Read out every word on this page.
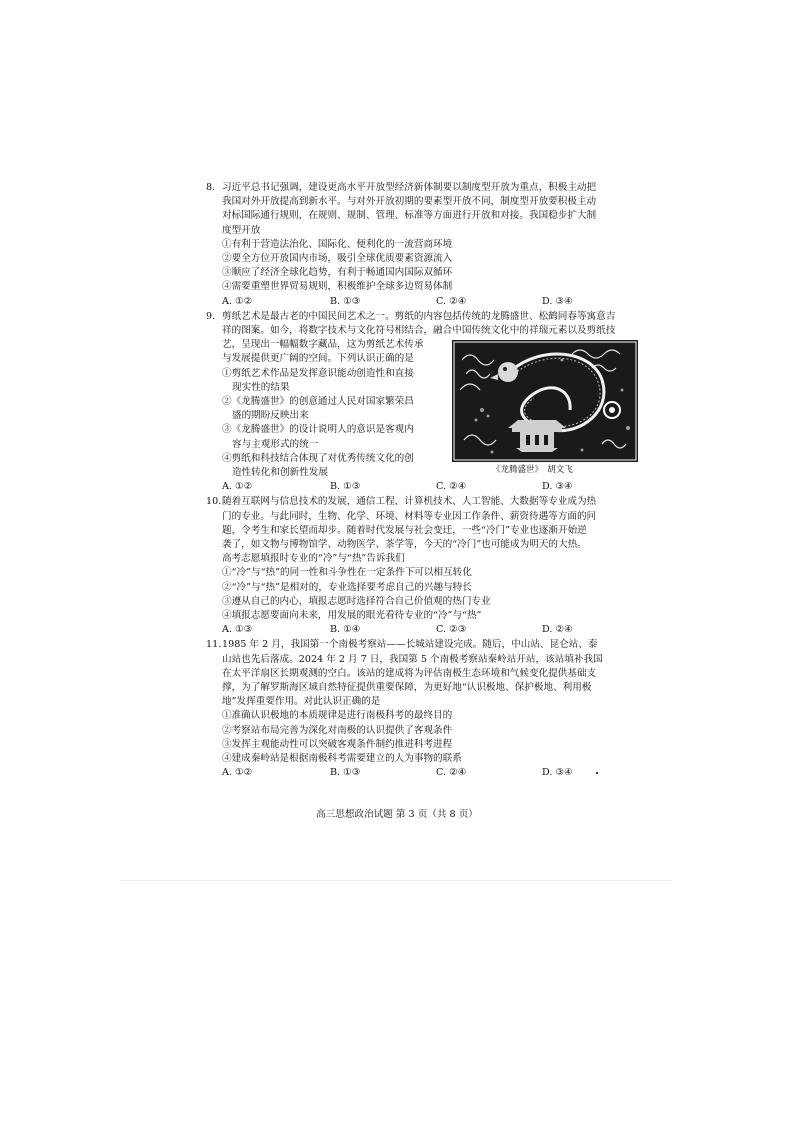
8. 习近平总书记强调，建设更高水平开放型经济新体制要以制度型开放为重点，积极主动把
我国对外开放提高到新水平。与对外开放初期的要素型开放不同，制度型开放要积极主动
对标国际通行规则，在规则、规制、管理、标准等方面进行开放和对接。我国稳步扩大制
度型开放
①有利于营造法治化、国际化、便利化的一流营商环境
②要全方位开放国内市场，吸引全球优质要素资源流入
③顺应了经济全球化趋势，有利于畅通国内国际双循环
④需要重塑世界贸易规则，积极维护全球多边贸易体制
A. ①②	B. ①③	C. ②④	D. ③④
9. 剪纸艺术是最古老的中国民间艺术之一。剪纸的内容包括传统的龙腾盛世、松鹤同春等寓意吉
祥的图案。如今，将数字技术与文化符号相结合，融合中国传统文化中的祥瑞元素以及剪纸技
艺，呈现出一幅幅数字藏品，这为剪纸艺术传承
与发展提供更广阔的空间。下列认识正确的是
①剪纸艺术作品是发挥意识能动创造性和直接
现实性的结果
②《龙腾盛世》的创意通过人民对国家繁荣昌
盛的期盼反映出来
③《龙腾盛世》的设计说明人的意识是客观内
容与主观形式的统一
④剪纸和科技结合体现了对优秀传统文化的创
造性转化和创新性发展	《龙腾盛世》　胡文飞
A. ①②	B. ①③	C. ②④	D. ③④
10. 随着互联网与信息技术的发展，通信工程、计算机技术、人工智能、大数据等专业成为热
门的专业。与此同时，生物、化学、环境、材料等专业因工作条件、薪资待遇等方面的问
题，令考生和家长望而却步。随着时代发展与社会变迁，一些“冷门”专业也逐渐开始逆
袭了，如文物与博物馆学、动物医学、茶学等，今天的“冷门”也可能成为明天的大热。
高考志愿填报时专业的“冷”与“热”告诉我们
①“冷”与“热”的同一性和斗争性在一定条件下可以相互转化
②“冷”与“热”是相对的，专业选择要考虑自己的兴趣与特长
③遵从自己的内心，填报志愿时选择符合自己价值观的热门专业
④填报志愿要面向未来，用发展的眼光看待专业的“冷”与“热”
A. ①③	B. ①④	C. ②③	D. ②④
11. 1985 年 2 月，我国第一个南极考察站——长城站建设完成。随后，中山站、昆仑站、泰
山站也先后落成。2024 年 2 月 7 日，我国第 5 个南极考察站秦岭站开站，该站填补我国
在太平洋扇区长期观测的空白。该站的建成将为评估南极生态环境和气候变化提供基础支
撑，为了解罗斯海区域自然特征提供重要保障，为更好地“认识极地、保护极地、利用极
地”发挥重要作用。对此认识正确的是
①准确认识极地的本质规律是进行南极科考的最终目的
②考察站布局完善为深化对南极的认识提供了客观条件
③发挥主观能动性可以突破客观条件制约推进科考进程
④建成秦岭站是根据南极科考需要建立的人为事物的联系
A. ①②	B. ①③	C. ②④	D. ③④
高三思想政治试题 第 3 页（共 8 页）
